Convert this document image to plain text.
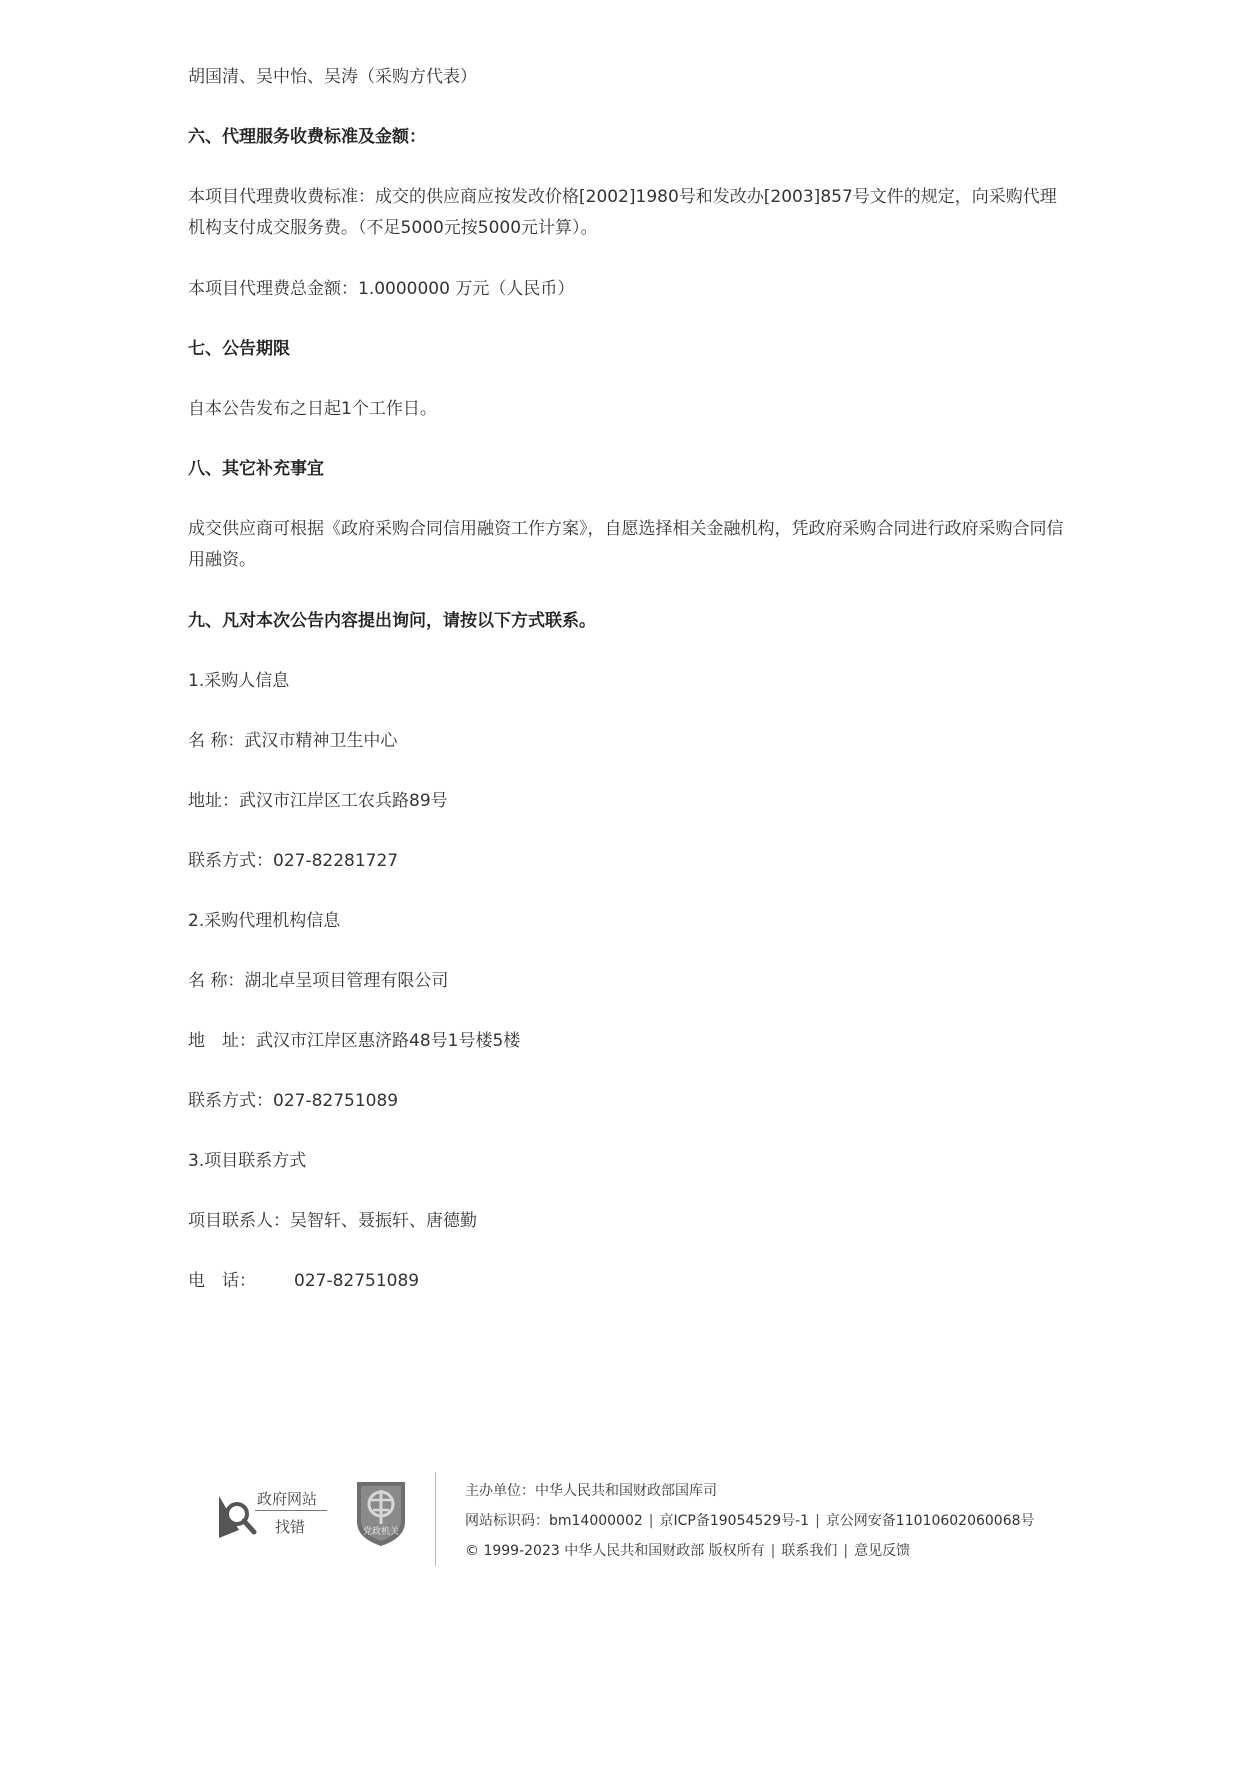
胡国清、吴中怡、吴涛（采购方代表）
六、代理服务收费标准及金额：
本项目代理费收费标准：成交的供应商应按发改价格[2002]1980号和发改办[2003]857号文件的规定，向采购代理机构支付成交服务费。（不足5000元按5000元计算）。
本项目代理费总金额：1.0000000 万元（人民币）
七、公告期限
自本公告发布之日起1个工作日。
八、其它补充事宜
成交供应商可根据《政府采购合同信用融资工作方案》，自愿选择相关金融机构，凭政府采购合同进行政府采购合同信用融资。
九、凡对本次公告内容提出询问，请按以下方式联系。
1.采购人信息
名 称：武汉市精神卫生中心
地址：武汉市江岸区工农兵路89号
联系方式：027-82281727
2.采购代理机构信息
名 称：湖北卓呈项目管理有限公司
地　址：武汉市江岸区惠济路48号1号楼5楼
联系方式：027-82751089
3.项目联系方式
项目联系人：吴智轩、聂振轩、唐德勤
电　话： 027-82751089
政府网站
找错	党政机关
主办单位：中华人民共和国财政部国库司
网站标识码：bm14000002 | 京ICP备19054529号-1 | 京公网安备11010602060068号
© 1999-2023 中华人民共和国财政部 版权所有 | 联系我们 | 意见反馈
